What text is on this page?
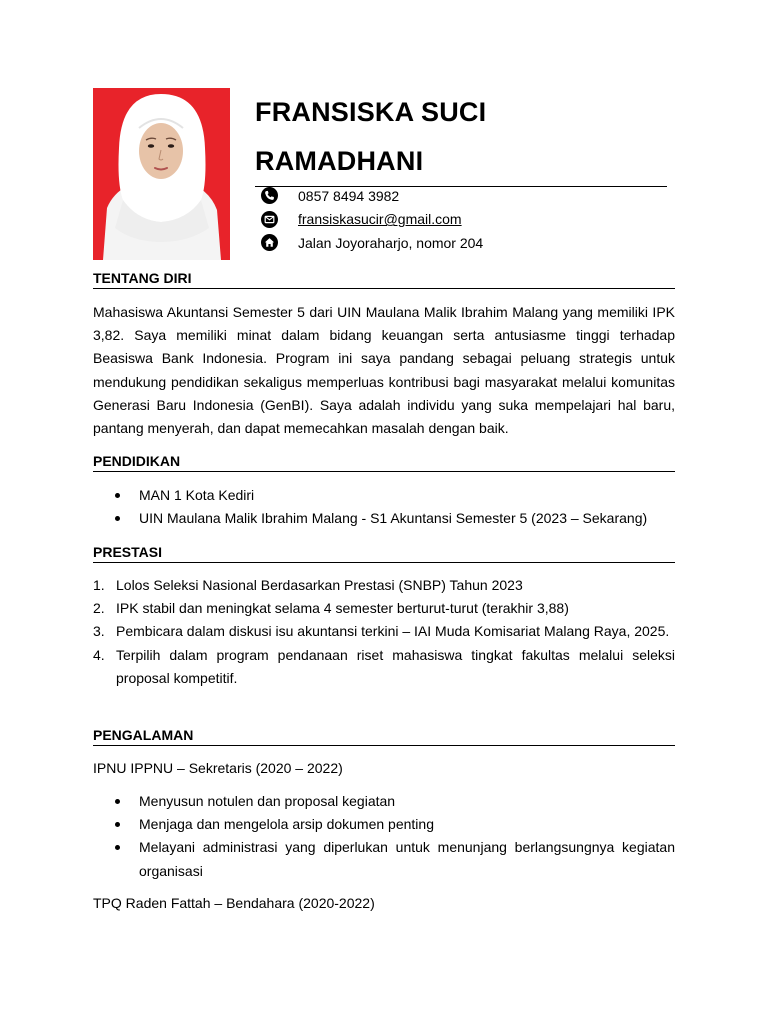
FRANSISKA SUCI
RAMADHANI
0857 8494 3982
fransiskasucir@gmail.com
Jalan Joyoraharjo, nomor 204
TENTANG DIRI
Mahasiswa Akuntansi Semester 5 dari UIN Maulana Malik Ibrahim Malang yang memiliki IPK 3,82. Saya memiliki minat dalam bidang keuangan serta antusiasme tinggi terhadap Beasiswa Bank Indonesia. Program ini saya pandang sebagai peluang strategis untuk mendukung pendidikan sekaligus memperluas kontribusi bagi masyarakat melalui komunitas Generasi Baru Indonesia (GenBI). Saya adalah individu yang suka mempelajari hal baru, pantang menyerah, dan dapat memecahkan masalah dengan baik.
PENDIDIKAN
MAN 1 Kota Kediri
UIN Maulana Malik Ibrahim Malang - S1 Akuntansi Semester 5 (2023 – Sekarang)
PRESTASI
1. Lolos Seleksi Nasional Berdasarkan Prestasi (SNBP) Tahun 2023
2. IPK stabil dan meningkat selama 4 semester berturut-turut (terakhir 3,88)
3. Pembicara dalam diskusi isu akuntansi terkini – IAI Muda Komisariat Malang Raya, 2025.
4. Terpilih dalam program pendanaan riset mahasiswa tingkat fakultas melalui seleksi proposal kompetitif.
PENGALAMAN
IPNU IPPNU – Sekretaris (2020 – 2022)
Menyusun notulen dan proposal kegiatan
Menjaga dan mengelola arsip dokumen penting
Melayani administrasi yang diperlukan untuk menunjang berlangsungnya kegiatan organisasi
TPQ Raden Fattah – Bendahara (2020-2022)
